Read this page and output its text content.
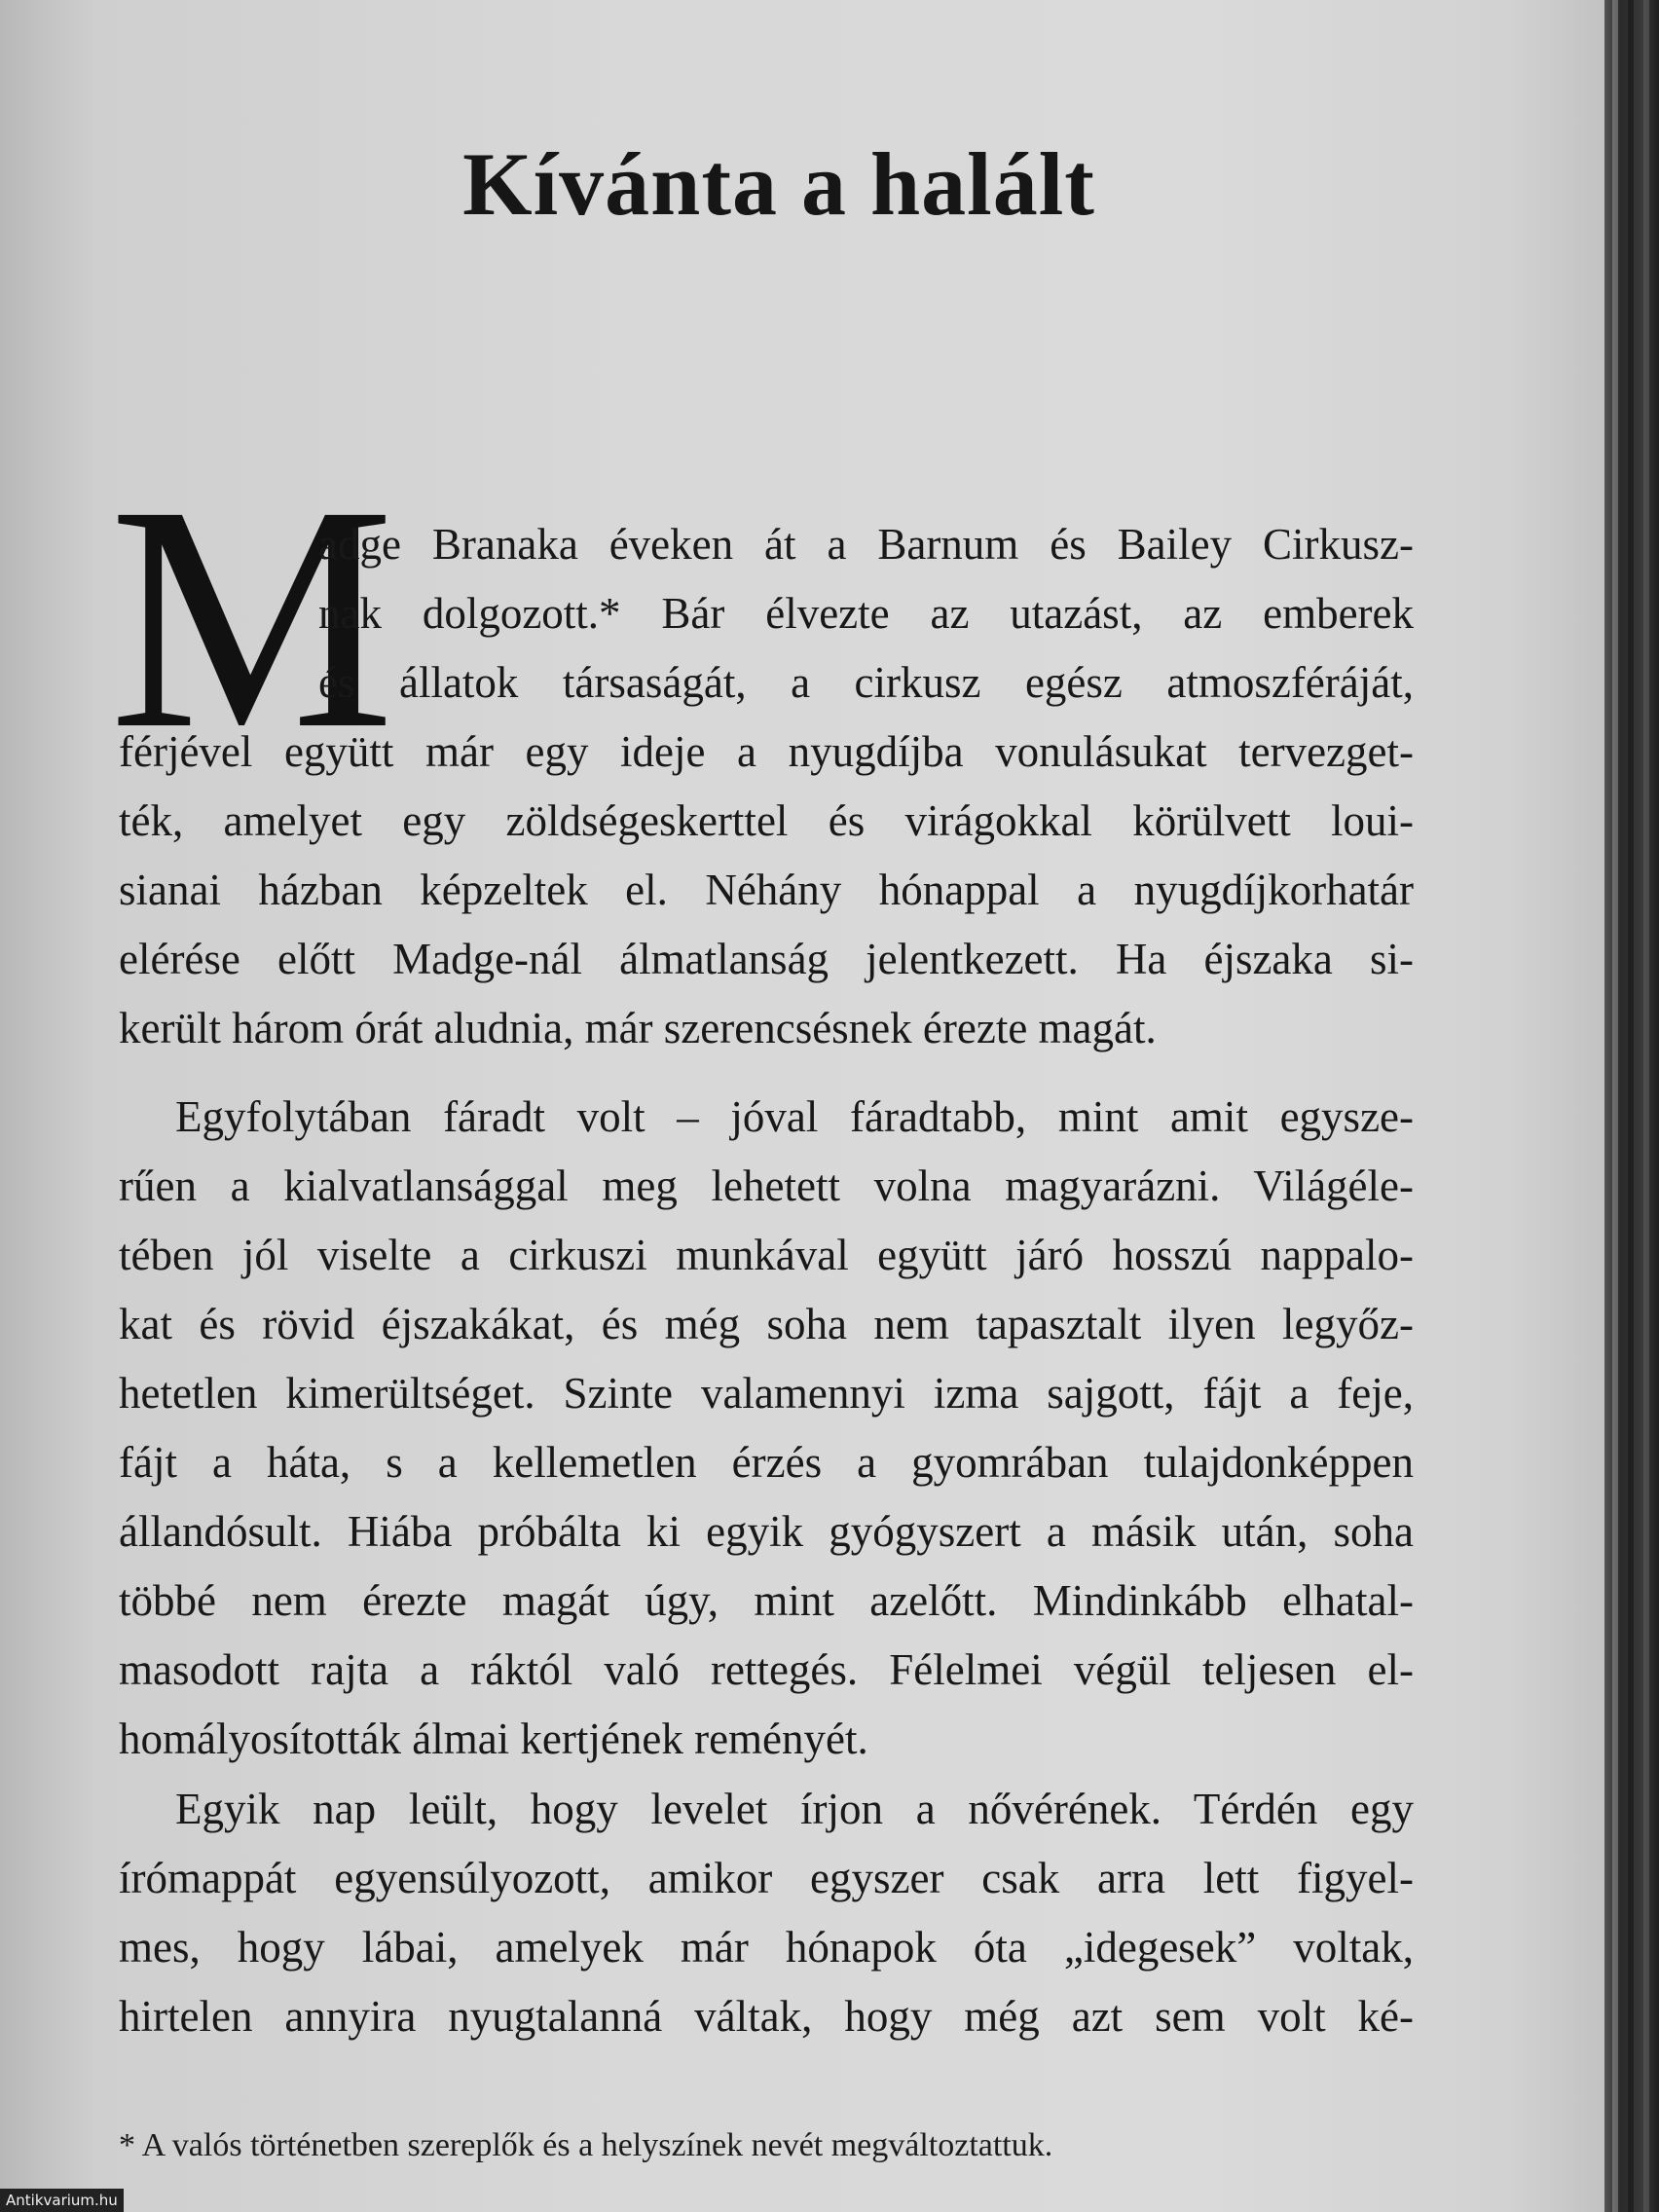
Kívánta a halált
M
adge Branaka éveken át a Barnum és Bailey Cirkusz-
nak dolgozott.* Bár élvezte az utazást, az emberek
és állatok társaságát, a cirkusz egész atmoszféráját,
férjével együtt már egy ideje a nyugdíjba vonulásukat tervezget-
ték, amelyet egy zöldségeskerttel és virágokkal körülvett loui-
sianai házban képzeltek el. Néhány hónappal a nyugdíjkorhatár
elérése előtt Madge-nál álmatlanság jelentkezett. Ha éjszaka si-
került három órát aludnia, már szerencsésnek érezte magát.
Egyfolytában fáradt volt – jóval fáradtabb, mint amit egysze-
rűen a kialvatlansággal meg lehetett volna magyarázni. Világéle-
tében jól viselte a cirkuszi munkával együtt járó hosszú nappalo-
kat és rövid éjszakákat, és még soha nem tapasztalt ilyen legyőz-
hetetlen kimerültséget. Szinte valamennyi izma sajgott, fájt a feje,
fájt a háta, s a kellemetlen érzés a gyomrában tulajdonképpen
állandósult. Hiába próbálta ki egyik gyógyszert a másik után, soha
többé nem érezte magát úgy, mint azelőtt. Mindinkább elhatal-
masodott rajta a ráktól való rettegés. Félelmei végül teljesen el-
homályosították álmai kertjének reményét.
Egyik nap leült, hogy levelet írjon a nővérének. Térdén egy
írómappát egyensúlyozott, amikor egyszer csak arra lett figyel-
mes, hogy lábai, amelyek már hónapok óta „idegesek” voltak,
hirtelen annyira nyugtalanná váltak, hogy még azt sem volt ké-
* A valós történetben szereplők és a helyszínek nevét megváltoztattuk.
Antikvarium.hu
